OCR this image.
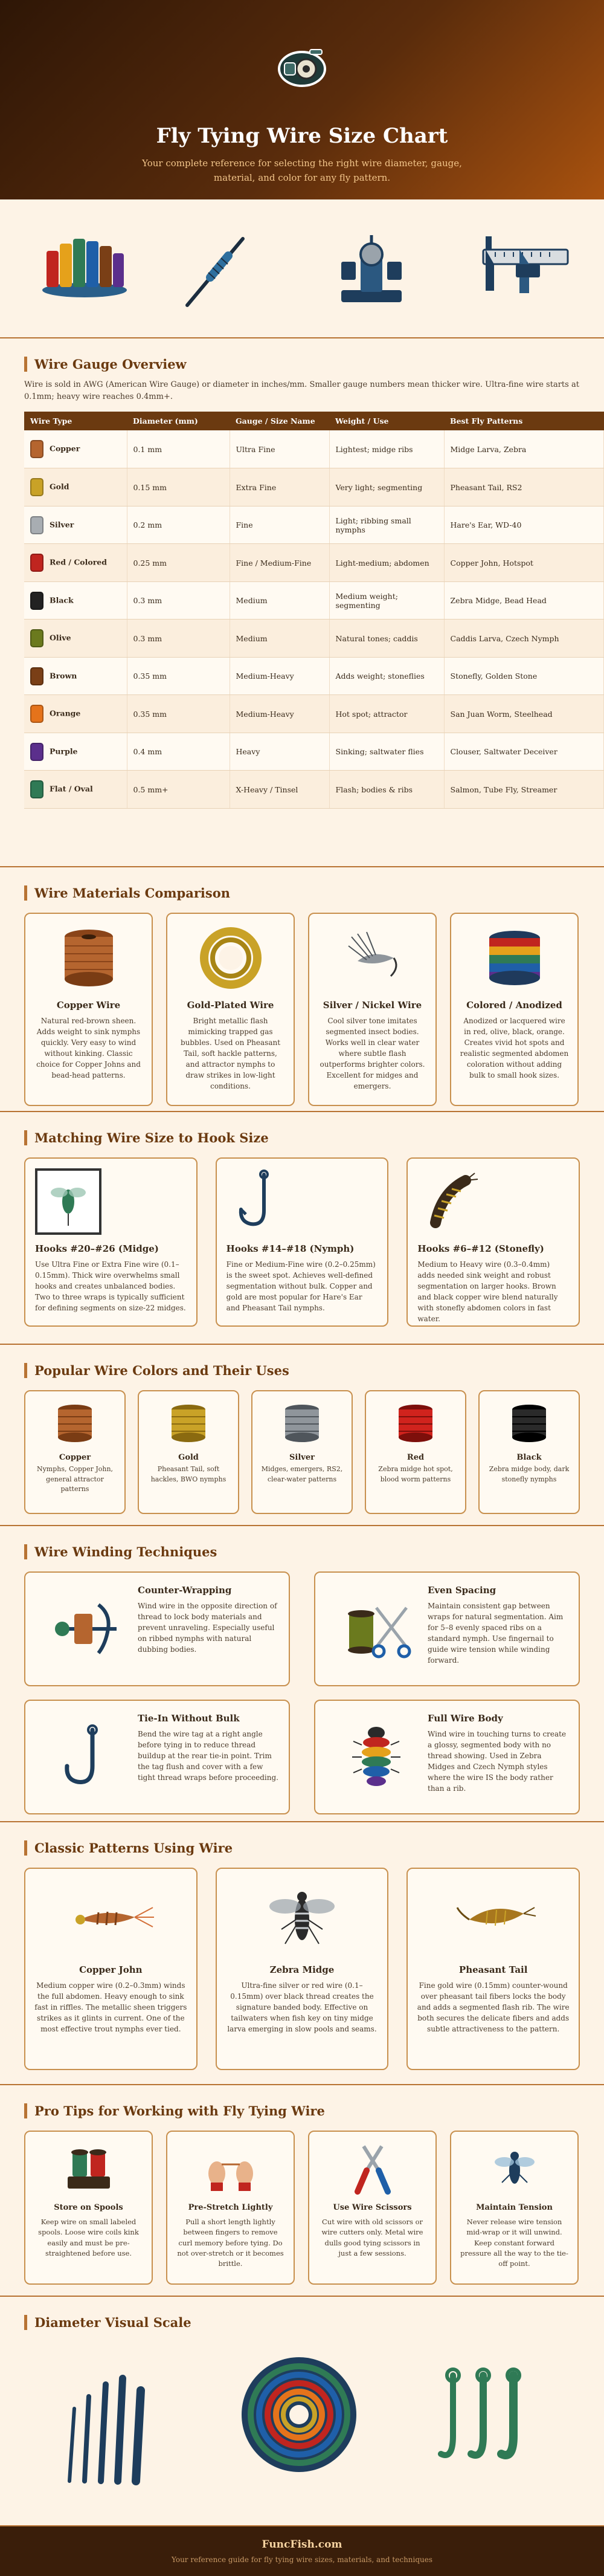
Fly Tying Wire Size Chart

Your complete reference for selecting the right wire diameter, gauge, material, and color for any fly pattern.

Wire Gauge Overview

Wire is sold in AWG (American Wire Gauge) or diameter in inches/mm. Smaller gauge numbers mean thicker wire. Ultra-fine wire starts at 0.1mm; heavy wire reaches 0.4mm+.

Wire Type	Diameter (mm)	Gauge / Size Name	Weight / Use	Best Fly Patterns
Copper	0.1 mm	Ultra Fine	Lightest; midge ribs	Midge Larva, Zebra
Gold	0.15 mm	Extra Fine	Very light; segmenting	Pheasant Tail, RS2
Silver	0.2 mm	Fine	Light; ribbing small nymphs	Hare's Ear, WD-40
Red / Colored	0.25 mm	Fine / Medium-Fine	Light-medium; abdomen	Copper John, Hotspot
Black	0.3 mm	Medium	Medium weight; segmenting	Zebra Midge, Bead Head
Olive	0.3 mm	Medium	Natural tones; caddis	Caddis Larva, Czech Nymph
Brown	0.35 mm	Medium-Heavy	Adds weight; stoneflies	Stonefly, Golden Stone
Orange	0.35 mm	Medium-Heavy	Hot spot; attractor	San Juan Worm, Steelhead
Purple	0.4 mm	Heavy	Sinking; saltwater flies	Clouser, Saltwater Deceiver
Flat / Oval	0.5 mm+	X-Heavy / Tinsel	Flash; bodies & ribs	Salmon, Tube Fly, Streamer
Wire Materials Comparison
Copper Wire

Natural red-brown sheen. Adds weight to sink nymphs quickly. Very easy to wind without kinking. Classic choice for Copper Johns and bead-head patterns.

Gold-Plated Wire

Bright metallic flash mimicking trapped gas bubbles. Used on Pheasant Tail, soft hackle patterns, and attractor nymphs to draw strikes in low-light conditions.

Silver / Nickel Wire

Cool silver tone imitates segmented insect bodies. Works well in clear water where subtle flash outperforms brighter colors. Excellent for midges and emergers.

Colored / Anodized

Anodized or lacquered wire in red, olive, black, orange. Creates vivid hot spots and realistic segmented abdomen coloration without adding bulk to small hook sizes.

Matching Wire Size to Hook Size
Hooks #20–#26 (Midge)

Use Ultra Fine or Extra Fine wire (0.1–0.15mm). Thick wire overwhelms small hooks and creates unbalanced bodies. Two to three wraps is typically sufficient for defining segments on size-22 midges.

Hooks #14–#18 (Nymph)

Fine or Medium-Fine wire (0.2–0.25mm) is the sweet spot. Achieves well-defined segmentation without bulk. Copper and gold are most popular for Hare's Ear and Pheasant Tail nymphs.

Hooks #6–#12 (Stonefly)

Medium to Heavy wire (0.3–0.4mm) adds needed sink weight and robust segmentation on larger hooks. Brown and black copper wire blend naturally with stonefly abdomen colors in fast water.

Popular Wire Colors and Their Uses
Copper

Nymphs, Copper John, general attractor patterns

Gold

Pheasant Tail, soft hackles, BWO nymphs

Silver

Midges, emergers, RS2, clear-water patterns

Red

Zebra midge hot spot, blood worm patterns

Black

Zebra midge body, dark stonefly nymphs

Wire Winding Techniques
Counter-Wrapping

Wind wire in the opposite direction of thread to lock body materials and prevent unraveling. Especially useful on ribbed nymphs with natural dubbing bodies.

Even Spacing

Maintain consistent gap between wraps for natural segmentation. Aim for 5–8 evenly spaced ribs on a standard nymph. Use fingernail to guide wire tension while winding forward.

Tie-In Without Bulk

Bend the wire tag at a right angle before tying in to reduce thread buildup at the rear tie-in point. Trim the tag flush and cover with a few tight thread wraps before proceeding.

Full Wire Body

Wind wire in touching turns to create a glossy, segmented body with no thread showing. Used in Zebra Midges and Czech Nymph styles where the wire IS the body rather than a rib.

Classic Patterns Using Wire
Copper John

Medium copper wire (0.2–0.3mm) winds the full abdomen. Heavy enough to sink fast in riffles. The metallic sheen triggers strikes as it glints in current. One of the most effective trout nymphs ever tied.

Zebra Midge

Ultra-fine silver or red wire (0.1–0.15mm) over black thread creates the signature banded body. Effective on tailwaters when fish key on tiny midge larva emerging in slow pools and seams.

Pheasant Tail

Fine gold wire (0.15mm) counter-wound over pheasant tail fibers locks the body and adds a segmented flash rib. The wire both secures the delicate fibers and adds subtle attractiveness to the pattern.

Pro Tips for Working with Fly Tying Wire
Store on Spools

Keep wire on small labeled spools. Loose wire coils kink easily and must be pre-straightened before use.

Pre-Stretch Lightly

Pull a short length lightly between fingers to remove curl memory before tying. Do not over-stretch or it becomes brittle.

Use Wire Scissors

Cut wire with old scissors or wire cutters only. Metal wire dulls good tying scissors in just a few sessions.

Maintain Tension

Never release wire tension mid-wrap or it will unwind. Keep constant forward pressure all the way to the tie-off point.

Diameter Visual Scale
FuncFish.com
Your reference guide for fly tying wire sizes, materials, and techniques
